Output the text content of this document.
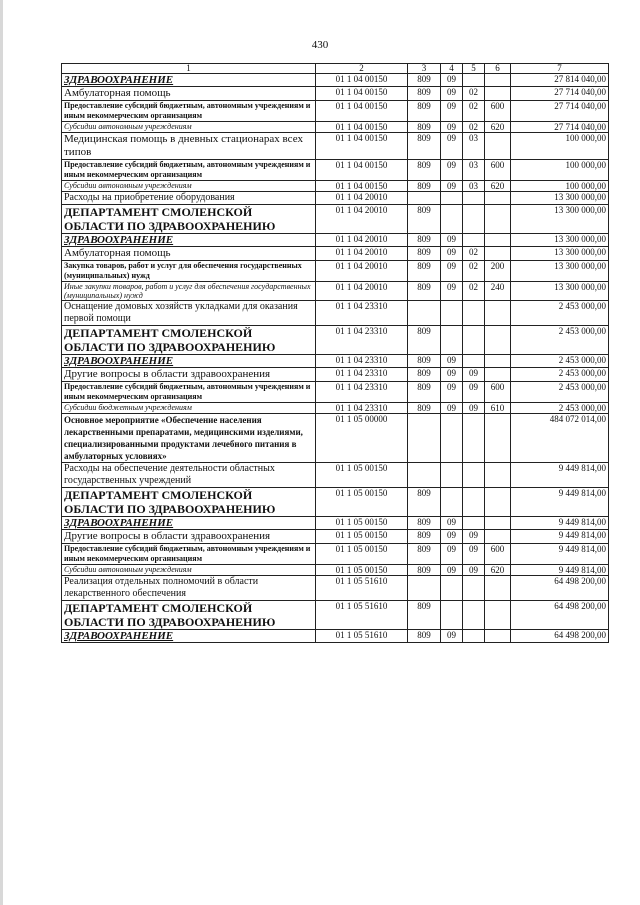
430
1	2	3	4	5	6	7
ЗДРАВООХРАНЕНИЕ	01 1 04 00150	809	09			27 814 040,00
Амбулаторная помощь	01 1 04 00150	809	09	02		27 714 040,00
Предоставление субсидий бюджетным, автономным учреждениям и иным некоммерческим организациям	01 1 04 00150	809	09	02	600	27 714 040,00
Субсидии автономным учреждениям	01 1 04 00150	809	09	02	620	27 714 040,00
Медицинская помощь в дневных стационарах всех типов	01 1 04 00150	809	09	03		100 000,00
Предоставление субсидий бюджетным, автономным учреждениям и иным некоммерческим организациям	01 1 04 00150	809	09	03	600	100 000,00
Субсидии автономным учреждениям	01 1 04 00150	809	09	03	620	100 000,00
Расходы на приобретение оборудования	01 1 04 20010					13 300 000,00
ДЕПАРТАМЕНТ СМОЛЕНСКОЙ ОБЛАСТИ ПО ЗДРАВООХРАНЕНИЮ	01 1 04 20010	809				13 300 000,00
ЗДРАВООХРАНЕНИЕ	01 1 04 20010	809	09			13 300 000,00
Амбулаторная помощь	01 1 04 20010	809	09	02		13 300 000,00
Закупка товаров, работ и услуг для обеспечения государственных (муниципальных) нужд	01 1 04 20010	809	09	02	200	13 300 000,00
Иные закупки товаров, работ и услуг для обеспечения государственных (муниципальных) нужд	01 1 04 20010	809	09	02	240	13 300 000,00
Оснащение домовых хозяйств укладками для оказания первой помощи	01 1 04 23310					2 453 000,00
ДЕПАРТАМЕНТ СМОЛЕНСКОЙ ОБЛАСТИ ПО ЗДРАВООХРАНЕНИЮ	01 1 04 23310	809				2 453 000,00
ЗДРАВООХРАНЕНИЕ	01 1 04 23310	809	09			2 453 000,00
Другие вопросы в области здравоохранения	01 1 04 23310	809	09	09		2 453 000,00
Предоставление субсидий бюджетным, автономным учреждениям и иным некоммерческим организациям	01 1 04 23310	809	09	09	600	2 453 000,00
Субсидии бюджетным учреждениям	01 1 04 23310	809	09	09	610	2 453 000,00
Основное мероприятие «Обеспечение населения лекарственными препаратами, медицинскими изделиями, специализированными продуктами лечебного питания в амбулаторных условиях»	01 1 05 00000					484 072 014,00
Расходы на обеспечение деятельности областных государственных учреждений	01 1 05 00150					9 449 814,00
ДЕПАРТАМЕНТ СМОЛЕНСКОЙ ОБЛАСТИ ПО ЗДРАВООХРАНЕНИЮ	01 1 05 00150	809				9 449 814,00
ЗДРАВООХРАНЕНИЕ	01 1 05 00150	809	09			9 449 814,00
Другие вопросы в области здравоохранения	01 1 05 00150	809	09	09		9 449 814,00
Предоставление субсидий бюджетным, автономным учреждениям и иным некоммерческим организациям	01 1 05 00150	809	09	09	600	9 449 814,00
Субсидии автономным учреждениям	01 1 05 00150	809	09	09	620	9 449 814,00
Реализация отдельных полномочий в области лекарственного обеспечения	01 1 05 51610					64 498 200,00
ДЕПАРТАМЕНТ СМОЛЕНСКОЙ ОБЛАСТИ ПО ЗДРАВООХРАНЕНИЮ	01 1 05 51610	809				64 498 200,00
ЗДРАВООХРАНЕНИЕ	01 1 05 51610	809	09			64 498 200,00
